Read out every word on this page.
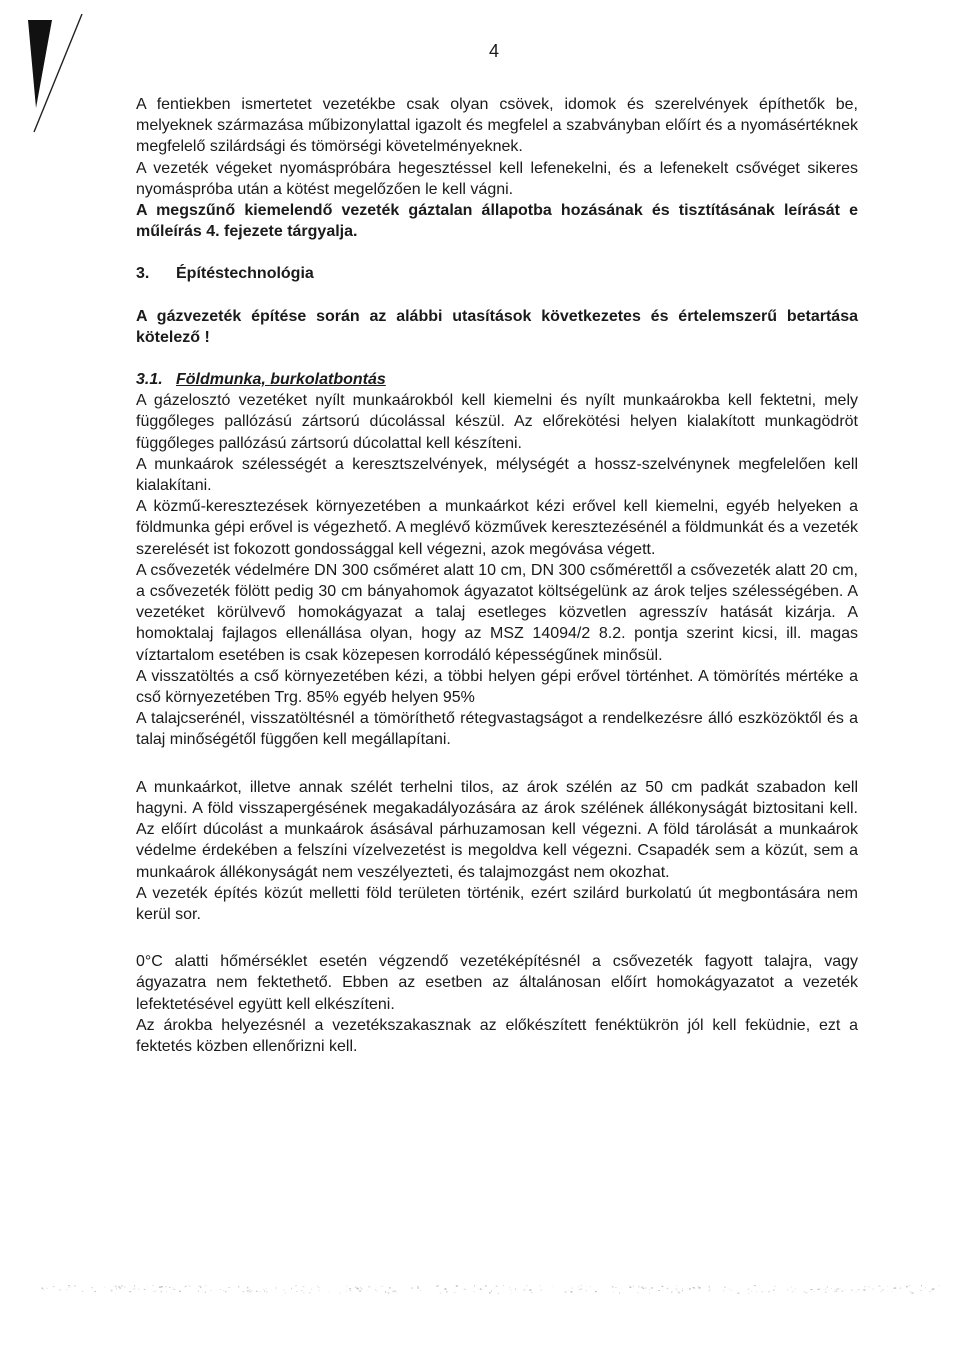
4

A fentiekben ismertetet vezetékbe csak olyan csövek, idomok és szerelvények építhetők be, melyeknek származása műbizonylattal igazolt és megfelel a szabványban előírt és a nyomásértéknek megfelelő szilárdsági és tömörségi követelményeknek.

A vezeték végeket nyomáspróbára hegesztéssel kell lefenekelni, és a lefenekelt csővéget sikeres nyomáspróba után a kötést megelőzően le kell vágni.

A megszűnő kiemelendő vezeték gáztalan állapotba hozásának és tisztításának leírását e műleírás 4. fejezete tárgyalja.

3. Építéstechnológia

A gázvezeték építése során az alábbi utasítások következetes és értelemszerű betartása kötelező !

3.1. Földmunka, burkolatbontás

A gázelosztó vezetéket nyílt munkaárokból kell kiemelni és nyílt munkaárokba kell fektetni, mely függőleges pallózású zártsorú dúcolással készül. Az előrekötési helyen kialakított munkagödröt függőleges pallózású zártsorú dúcolattal kell készíteni.

A munkaárok szélességét a keresztszelvények, mélységét a hossz-szelvénynek megfelelően kell kialakítani.

A közmű-keresztezések környezetében a munkaárkot kézi erővel kell kiemelni, egyéb helyeken a földmunka gépi erővel is végezhető. A meglévő közművek keresztezésénél a földmunkát és a vezeték szerelését ist fokozott gondossággal kell végezni, azok megóvása végett.

A csővezeték védelmére DN 300 csőméret alatt 10 cm, DN 300 csőmérettől a csővezeték alatt 20 cm, a csővezeték fölött pedig 30 cm bányahomok ágyazatot költségelünk az árok teljes szélességében. A vezetéket körülvevő homokágyazat a talaj esetleges közvetlen agresszív hatását kizárja. A homoktalaj fajlagos ellenállása olyan, hogy az MSZ 14094/2 8.2. pontja szerint kicsi, ill. magas víztartalom esetében is csak közepesen korrodáló képességűnek minősül.

A visszatöltés a cső környezetében kézi, a többi helyen gépi erővel történhet. A tömörítés mértéke a cső környezetében Trg. 85% egyéb helyen 95%

A talajcserénél, visszatöltésnél a tömöríthető rétegvastagságot a rendelkezésre álló eszközöktől és a talaj minőségétől függően kell megállapítani.

A munkaárkot, illetve annak szélét terhelni tilos, az árok szélén az 50 cm padkát szabadon kell hagyni. A föld visszapergésének megakadályozására az árok szélének állékonyságát biztositani kell. Az előírt dúcolást a munkaárok ásásával párhuzamosan kell végezni. A föld tárolását a munkaárok védelme érdekében a felszíni vízelvezetést is megoldva kell végezni. Csapadék sem a közút, sem a munkaárok állékonyságát nem veszélyezteti, és talajmozgást nem okozhat.

A vezeték építés közút melletti föld területen történik, ezért szilárd burkolatú út megbontására nem kerül sor.

0°C alatti hőmérséklet esetén végzendő vezetéképítésnél a csővezeték fagyott talajra, vagy ágyazatra nem fektethető. Ebben az esetben az általánosan előírt homokágyazatot a vezeték lefektetésével együtt kell elkészíteni.

Az árokba helyezésnél a vezetékszakasznak az előkészített fenéktükrön jól kell feküdnie, ezt a fektetés közben ellenőrizni kell.
